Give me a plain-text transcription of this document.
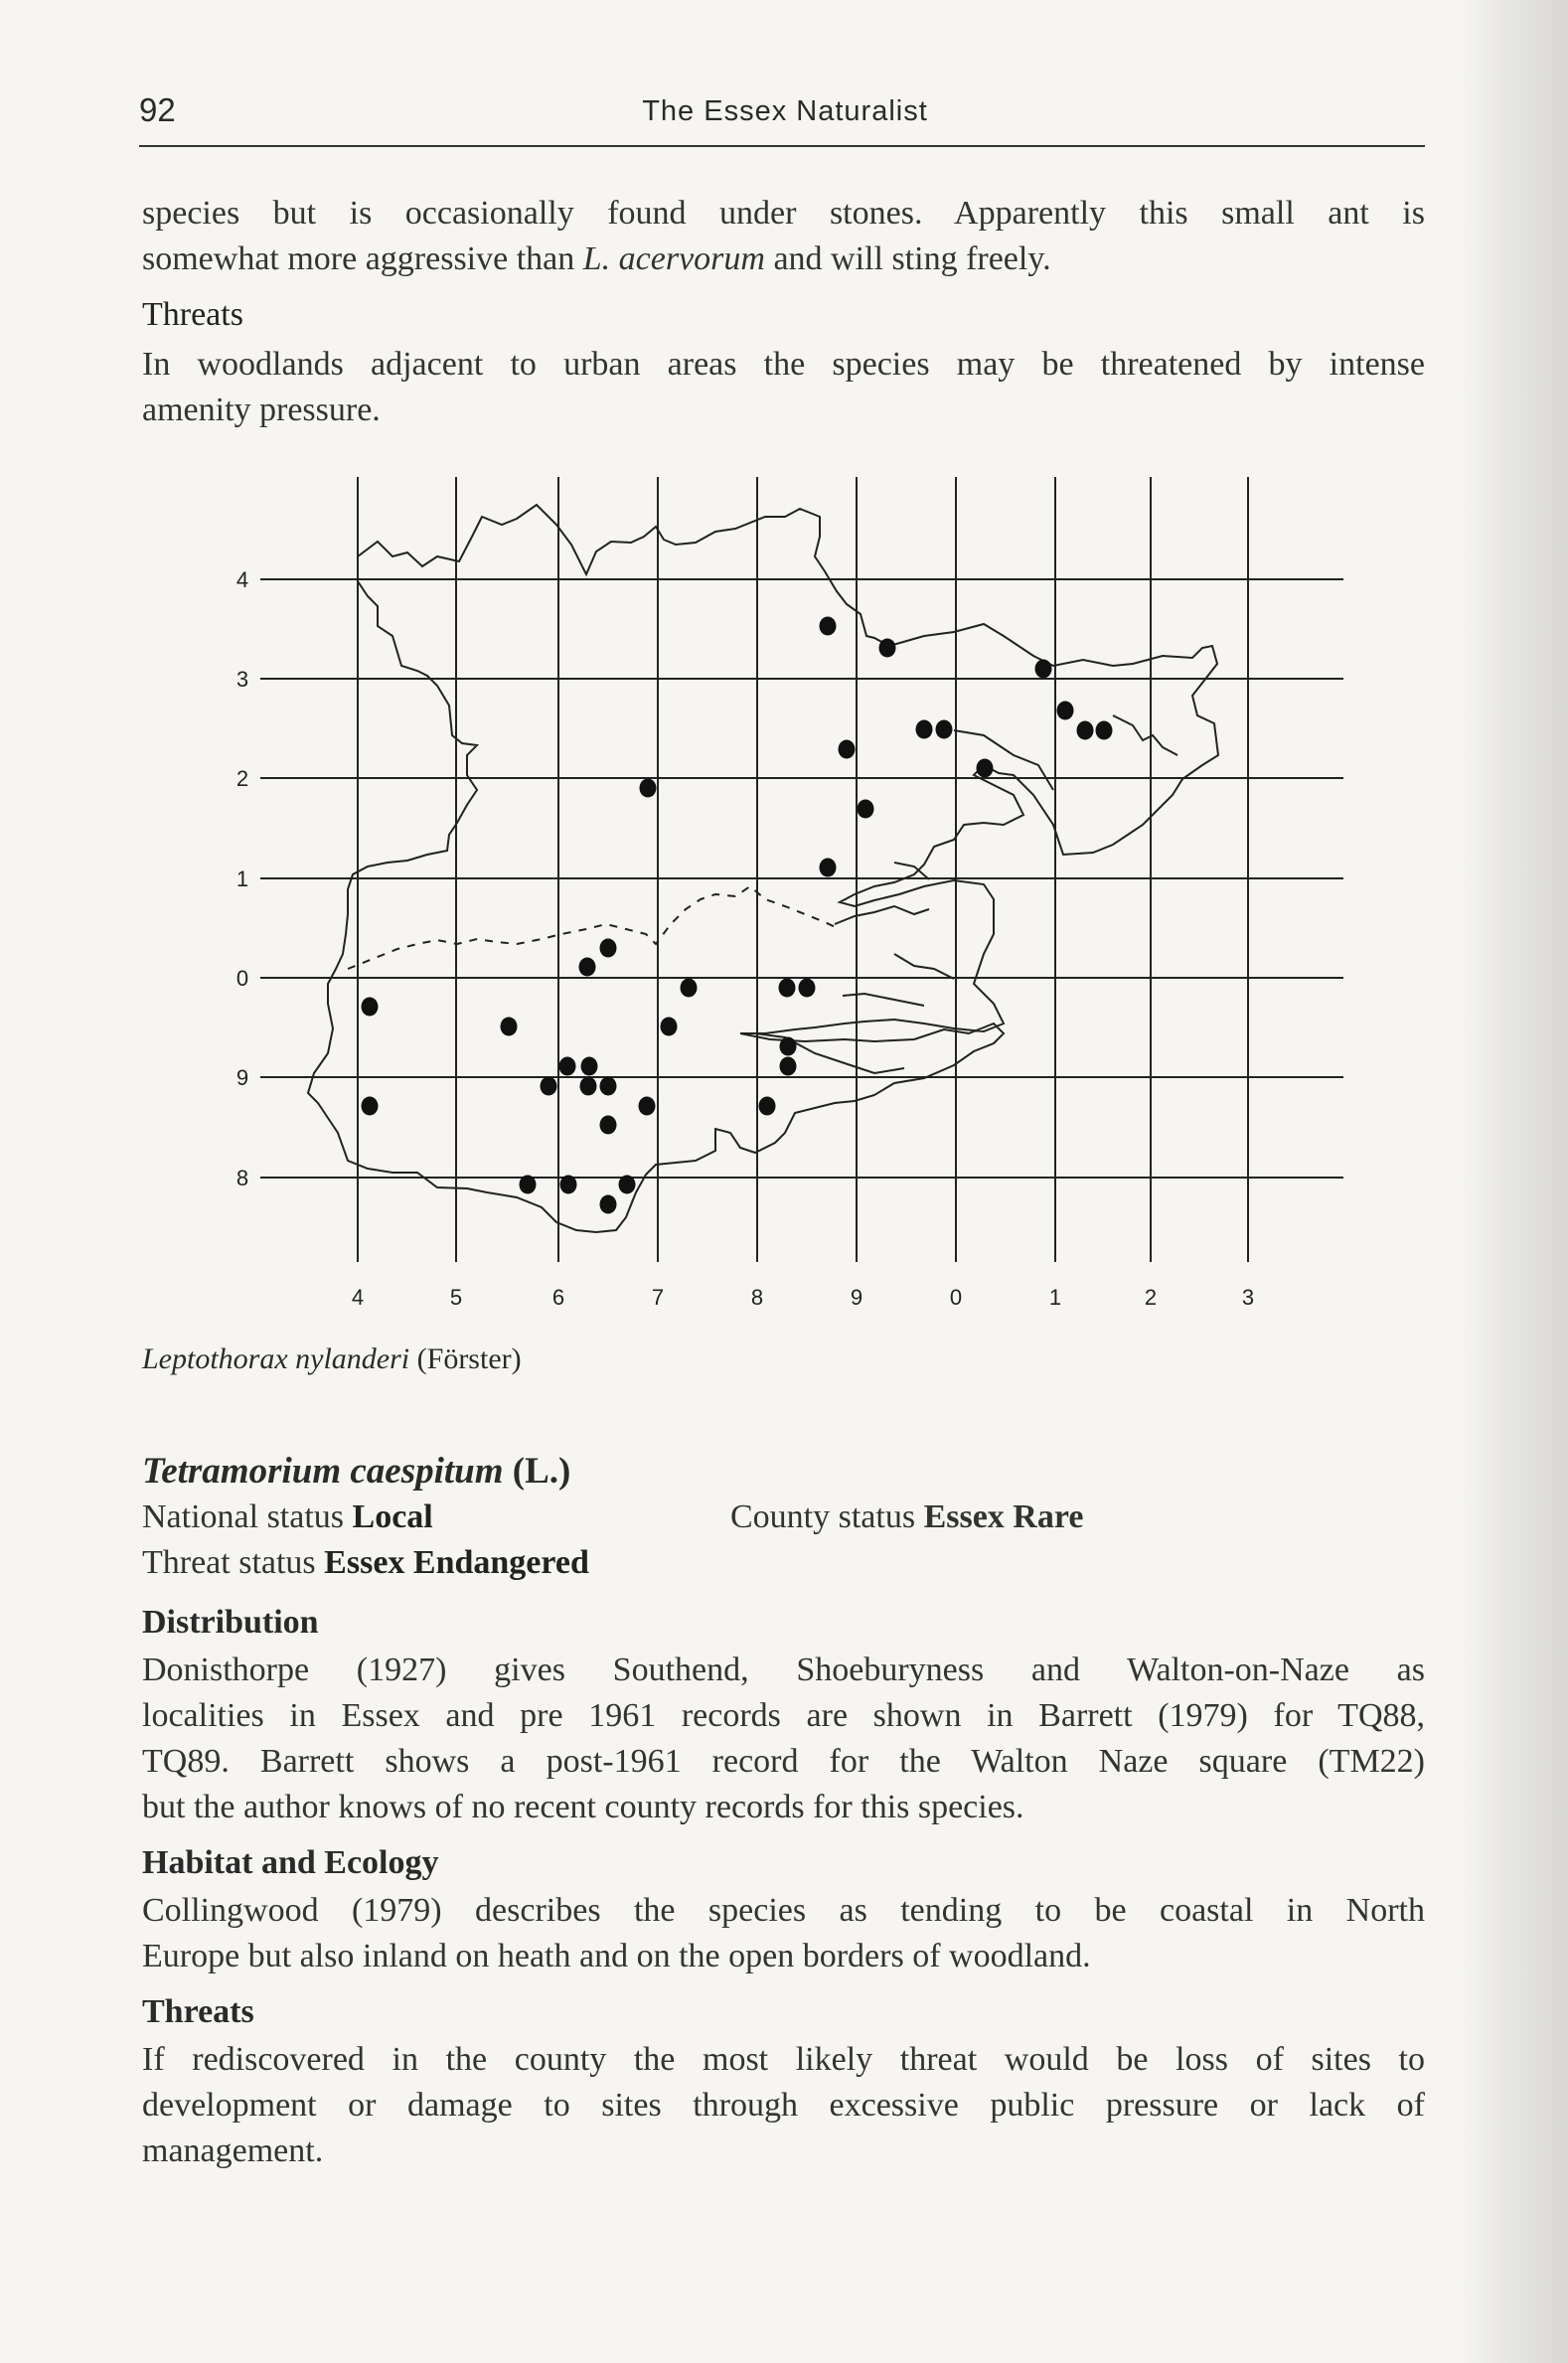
92	The Essex Naturalist
species but is occasionally found under stones. Apparently this small ant is
somewhat more aggressive than L. acervorum and will sting freely.
Threats
In woodlands adjacent to urban areas the species may be threatened by intense
amenity pressure.
4	5	6	7	8	9	0	1	2	3
4
3
2
1
0
9
8
Leptothorax nylanderi (Förster)
Tetramorium caespitum (L.)
National status Local	County status Essex Rare
Threat status Essex Endangered
Distribution
Donisthorpe (1927) gives Southend, Shoeburyness and Walton-on-Naze as
localities in Essex and pre 1961 records are shown in Barrett (1979) for TQ88,
TQ89. Barrett shows a post-1961 record for the Walton Naze square (TM22)
but the author knows of no recent county records for this species.
Habitat and Ecology
Collingwood (1979) describes the species as tending to be coastal in North
Europe but also inland on heath and on the open borders of woodland.
Threats
If rediscovered in the county the most likely threat would be loss of sites to
development or damage to sites through excessive public pressure or lack of
management.
